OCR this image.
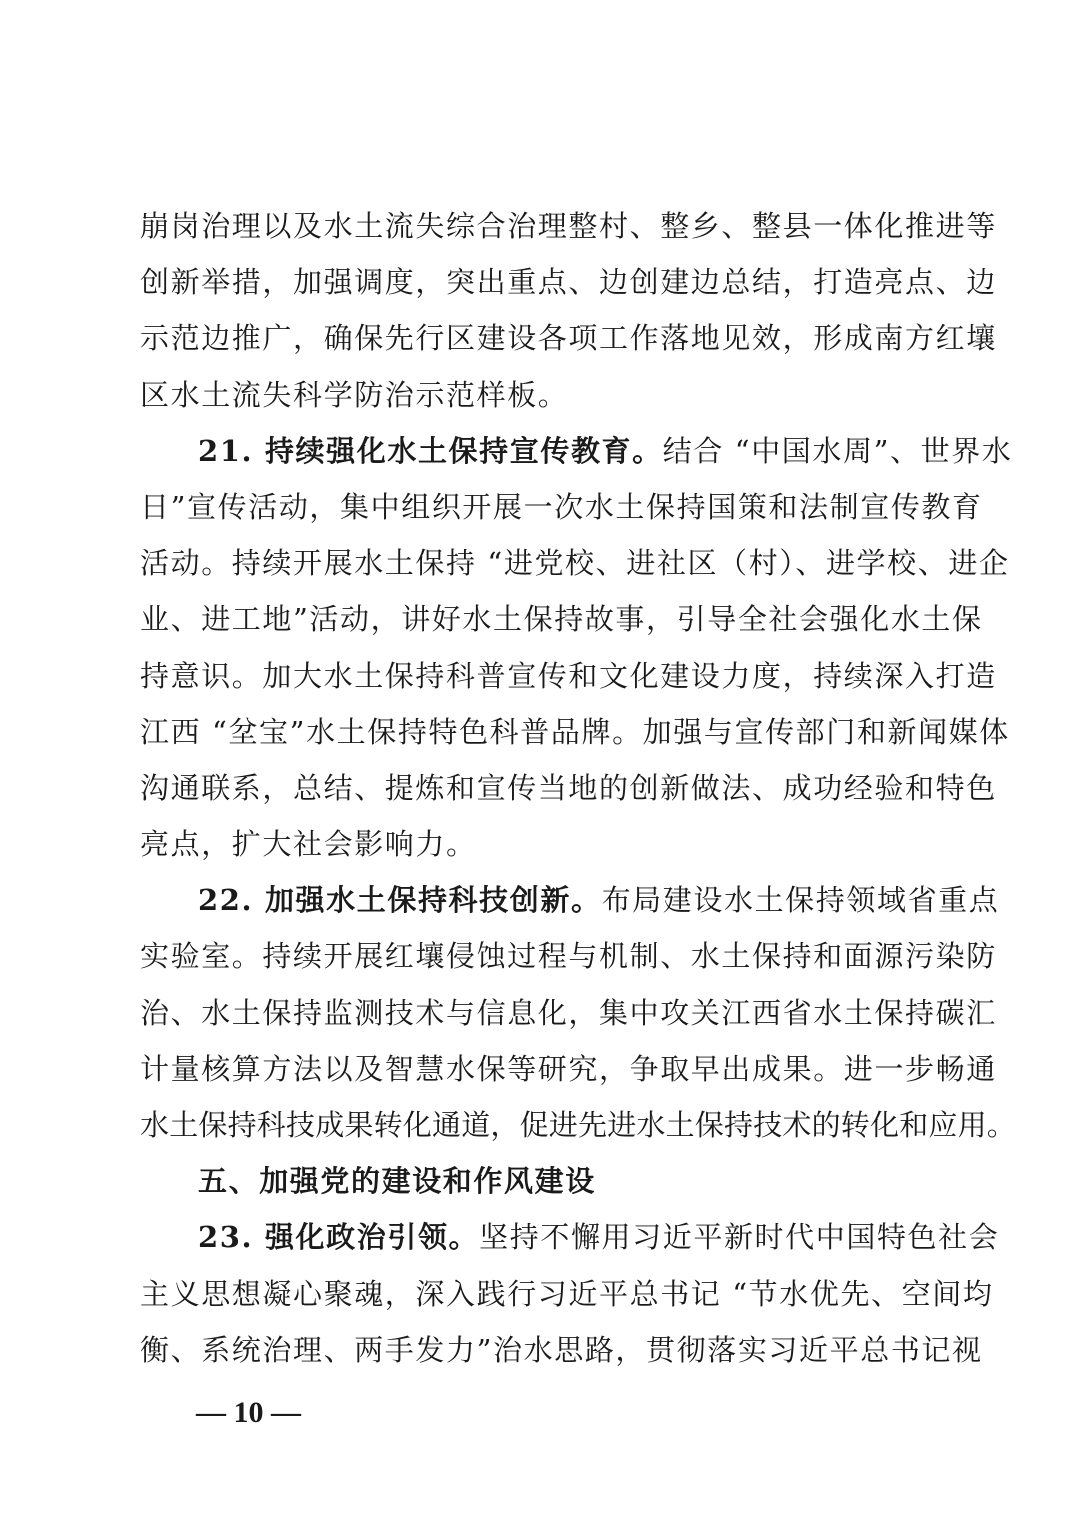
崩岗治理以及水土流失综合治理整村、整乡、整县一体化推进等
创新举措，加强调度，突出重点、边创建边总结，打造亮点、边
示范边推广，确保先行区建设各项工作落地见效，形成南方红壤
区水土流失科学防治示范样板。
21. 持续强化水土保持宣传教育。结合 “中国水周”、世界水
日”宣传活动，集中组织开展一次水土保持国策和法制宣传教育
活动。持续开展水土保持 “进党校、进社区（村）、进学校、进企
业、进工地”活动，讲好水土保持故事，引导全社会强化水土保
持意识。加大水土保持科普宣传和文化建设力度，持续深入打造
江西 “坌宝”水土保持特色科普品牌。加强与宣传部门和新闻媒体
沟通联系，总结、提炼和宣传当地的创新做法、成功经验和特色
亮点，扩大社会影响力。
22. 加强水土保持科技创新。布局建设水土保持领域省重点
实验室。持续开展红壤侵蚀过程与机制、水土保持和面源污染防
治、水土保持监测技术与信息化，集中攻关江西省水土保持碳汇
计量核算方法以及智慧水保等研究，争取早出成果。进一步畅通
水土保持科技成果转化通道，促进先进水土保持技术的转化和应用。
五、加强党的建设和作风建设
23. 强化政治引领。坚持不懈用习近平新时代中国特色社会
主义思想凝心聚魂，深入践行习近平总书记 “节水优先、空间均
衡、系统治理、两手发力”治水思路，贯彻落实习近平总书记视
— 10 —
